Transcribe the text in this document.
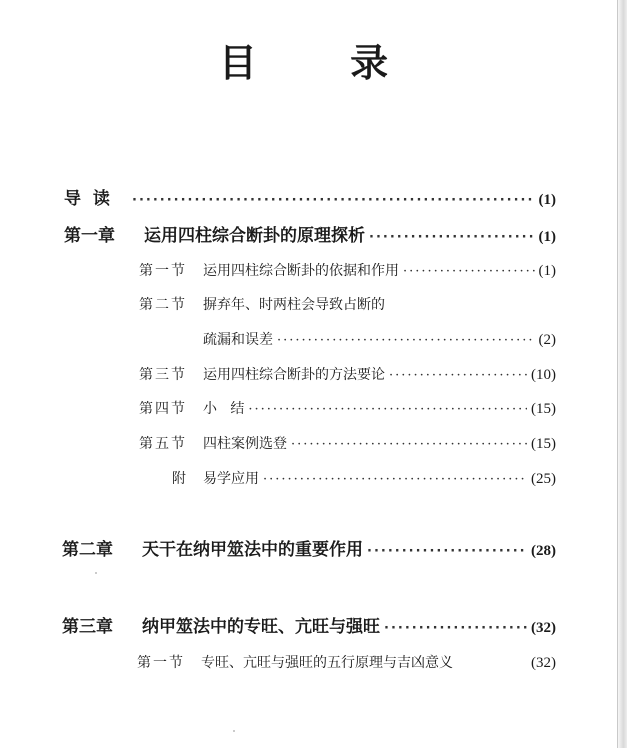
目 录
导  读 ·····	(1)
第一章	运用四柱综合断卦的原理探析 ·····	(1)
第一节	运用四柱综合断卦的依据和作用 ·····	(1)
第二节	摒弃年、时两柱会导致占断的
疏漏和误差 ·····	(2)
第三节	运用四柱综合断卦的方法要论 ·····	(10)
第四节	小   结 ·····	(15)
第五节	四柱案例选登 ·····	(15)
附	易学应用 ·····	(25)
第二章	天干在纳甲筮法中的重要作用 ·····	(28)
第三章	纳甲筮法中的专旺、亢旺与强旺 ·····	(32)
第一节	专旺、亢旺与强旺的五行原理与吉凶意义	(32)
